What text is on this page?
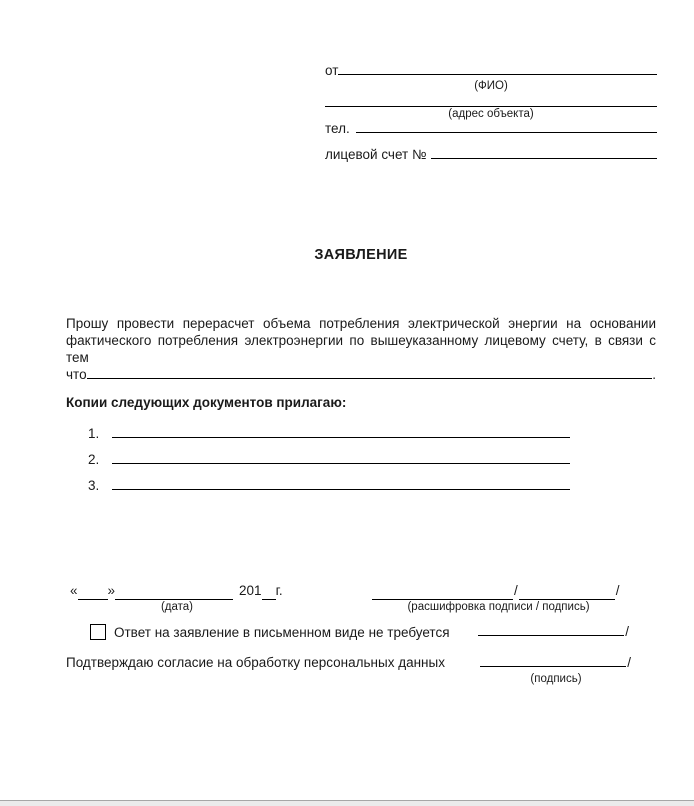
от
(ФИО)
(адрес объекта)
тел.
лицевой счет №
ЗАЯВЛЕНИЕ
Прошу провести перерасчет объема потребления электрической энергии на основании
фактического потребления электроэнергии по вышеуказанному лицевому счету, в связи с тем
что	.
Копии следующих документов прилагаю:
1.
2.
3.
« »	201 г.
(дата)
/	/
(расшифровка подписи / подпись)
Ответ на заявление в письменном виде не требуется	/
Подтверждаю согласие на обработку персональных данных	/
(подпись)
